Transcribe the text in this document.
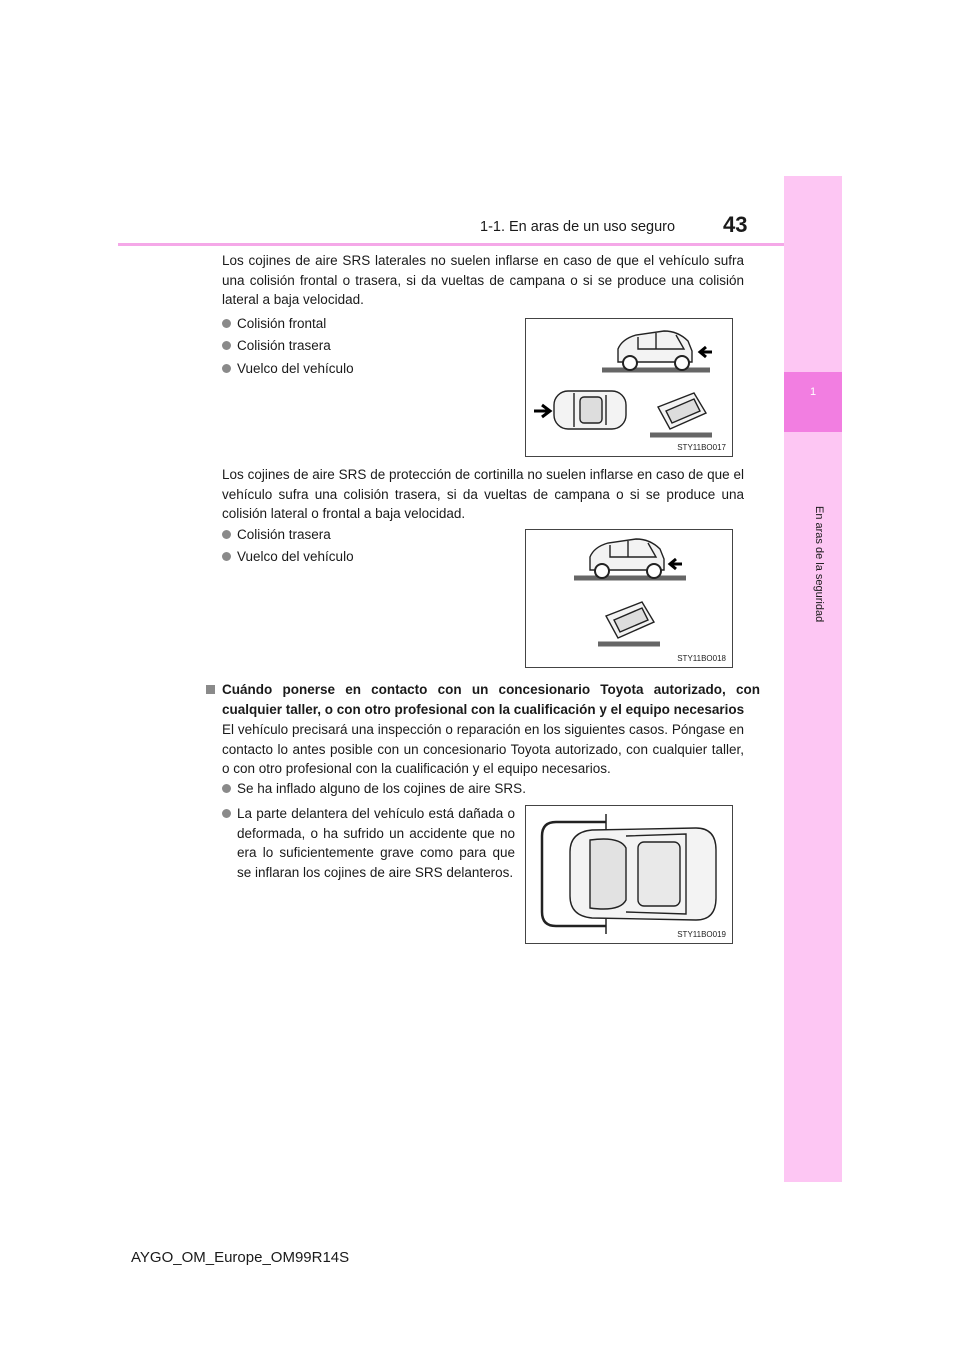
1-1. En aras de un uso seguro 43
1
En aras de la seguridad
Los cojines de aire SRS laterales no suelen inflarse en caso de que el vehículo sufra una colisión frontal o trasera, si da vueltas de campana o si se produce una colisión lateral a baja velocidad.
Colisión frontal
Colisión trasera
Vuelco del vehículo
STY11BO017
Los cojines de aire SRS de protección de cortinilla no suelen inflarse en caso de que el vehículo sufra una colisión trasera, si da vueltas de campana o si se produce una colisión lateral o frontal a baja velocidad.
Colisión trasera
Vuelco del vehículo
STY11BO018
Cuándo ponerse en contacto con un concesionario Toyota autorizado, con cualquier taller, o con otro profesional con la cualificación y el equipo necesarios
El vehículo precisará una inspección o reparación en los siguientes casos. Póngase en contacto lo antes posible con un concesionario Toyota autorizado, con cualquier taller, o con otro profesional con la cualificación y el equipo necesarios.
Se ha inflado alguno de los cojines de aire SRS.
La parte delantera del vehículo está dañada o deformada, o ha sufrido un accidente que no era lo suficientemente grave como para que se inflaran los cojines de aire SRS delanteros.
STY11BO019
AYGO_OM_Europe_OM99R14S
